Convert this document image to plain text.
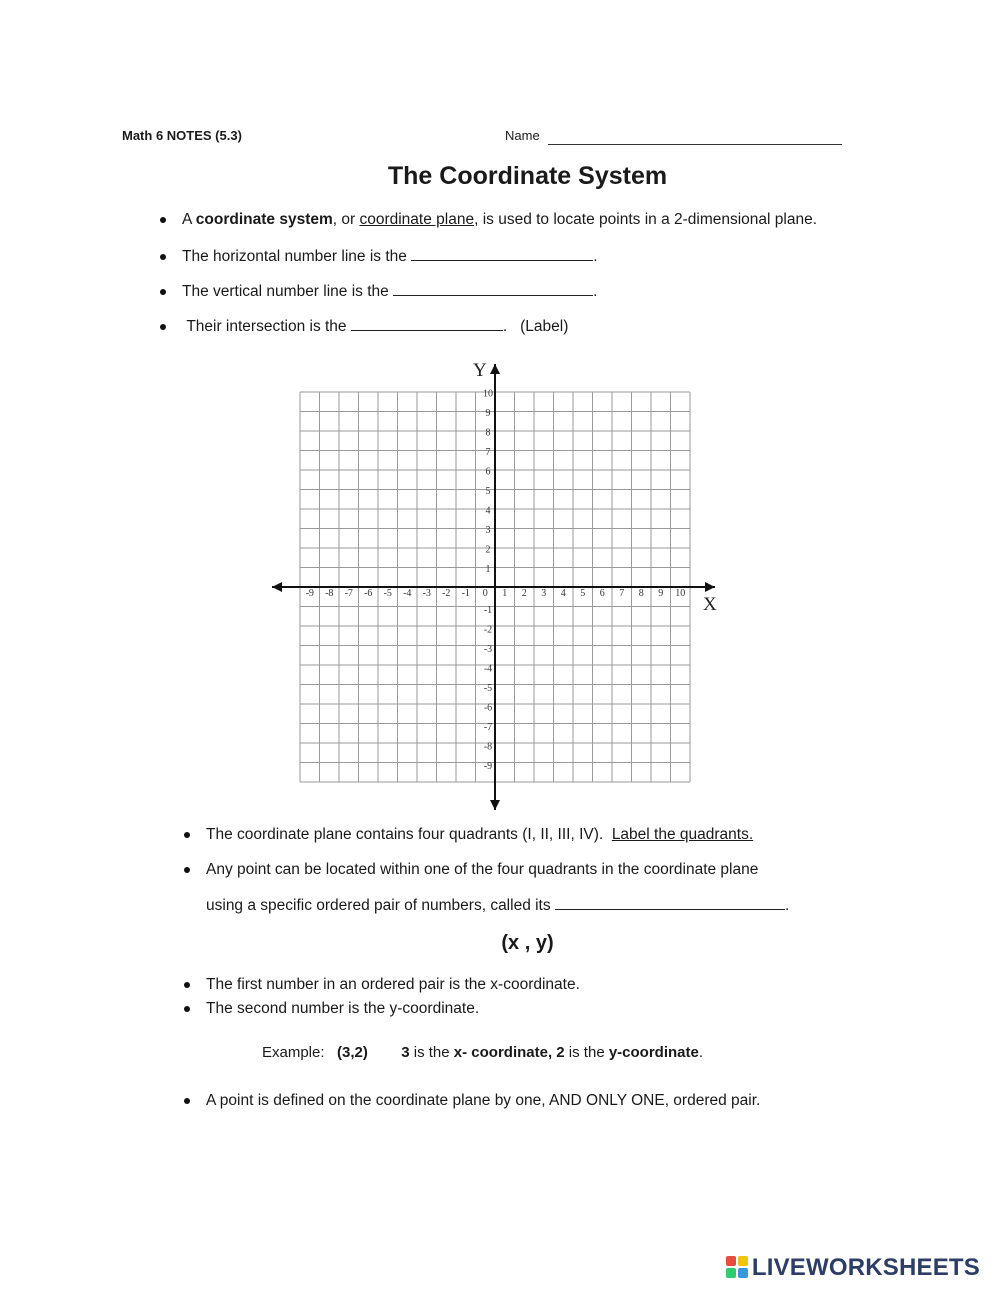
Math 6 NOTES (5.3)	Name
The Coordinate System
A coordinate system, or coordinate plane, is used to locate points in a 2-dimensional plane.
The horizontal number line is the	.
The vertical number line is the	.
Their intersection is the	. (Label)
-9 -8 -7 -6 -5 -4 -3 -2 -1 0 1 2 3 4 5 6 7 8 9 10
10
9
8
7
6
5
4
3
2
1
-1
-2
-3
-4
-5
-6
-7
-8
-9
X
Y
The coordinate plane contains four quadrants (I, II, III, IV). Label the quadrants.
Any point can be located within one of the four quadrants in the coordinate plane
using a specific ordered pair of numbers, called its	.
(x , y)
The first number in an ordered pair is the x-coordinate.
The second number is the y-coordinate.
Example: (3,2) 3 is the x- coordinate, 2 is the y-coordinate.
A point is defined on the coordinate plane by one, AND ONLY ONE, ordered pair.
LIVEWORKSHEETS
